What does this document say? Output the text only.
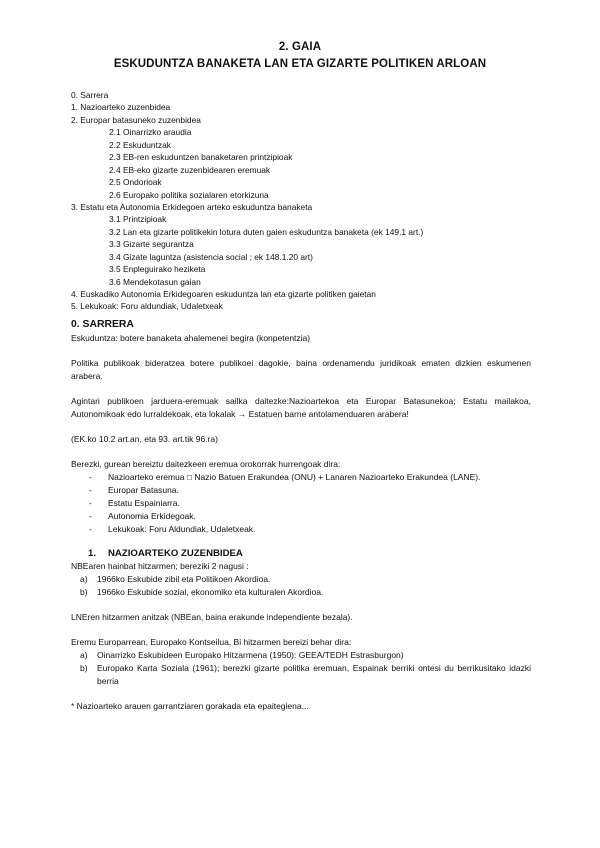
2. GAIA
ESKUDUNTZA BANAKETA LAN ETA GIZARTE POLITIKEN ARLOAN
0. Sarrera
1. Nazioarteko zuzenbidea
2. Europar batasuneko zuzenbidea
2.1 Oinarrizko araudia
2.2 Eskuduntzak
2.3 EB-ren eskuduntzen banaketaren printzipioak
2.4 EB-eko gizarte zuzenbidearen eremuak
2.5 Ondorioak
2.6 Europako politika sozialaren etorkizuna
3. Estatu eta Autonomia Erkidegoen arteko eskuduntza banaketa
3.1 Printzipioak
3.2 Lan eta gizarte politikekin lotura duten gaien eskuduntza banaketa (ek 149.1 art.)
3.3 Gizarte segurantza
3.4 Gizate laguntza (asistencia social ; ek 148.1.20 art)
3.5 Enpleguirako heziketa
3.6 Mendekotasun gaian
4. Euskadiko Autonomia Erkidegoaren eskuduntza lan eta gizarte politiken gaietan
5. Lekukoak: Foru aldundiak, Udaletxeak
0. SARRERA

Eskuduntza: botere banaketa ahalemenei begira (konpetentzia)

Politika publikoak bideratzea botere publikoei dagokie, baina ordenamendu juridikoak ematen dizkien eskumenen arabera.

Agintari publikoen jarduera-eremuak sailka daitezke:Nazioartekoa eta Europar Batasunekoa; Estatu mailakoa, Autonomikoak edo lurraldekoak, eta lokalak → Estatuen barne antolamenduaren arabera!

(EK.ko 10.2 art.an, eta 93. art.tik 96.ra)

Berezki, gurean bereiztu daitezkeen eremua orokorrak hurrengoak dira:

- Nazioarteko eremua □ Nazio Batuen Erakundea (ONU) + Lanaren Nazioarteko Erakundea (LANE).
- Europar Batasuna.
- Estatu Espainiarra.
- Autonomia Erkidegoak.
- Lekukoak: Foru Aldundiak, Udaletxeak.
1. NAZIOARTEKO ZUZENBIDEA

NBEaren hainbat hitzarmen; bereziki 2 nagusi :

a) 1966ko Eskubide zibil eta Politikoen Akordioa.
b) 1966ko Eskubide sozial, ekonomiko eta kulturalen Akordioa.

LNEren hitzarmen anitzak (NBEan, baina erakunde independiente bezala).

Eremu Europarrean, Europako Kontseilua. Bi hitzarmen bereizi behar dira:

a) Oinarrizko Eskubideen Europako Hitzarmena (1950): GEEA/TEDH Estrasburgon)
b) Europako Karta Soziala (1961); berezki gizarte politika eremuan, Espainak berriki ontesi du berrikusitako idazki berria

* Nazioarteko arauen garrantziaren gorakada eta epaitegiena...
